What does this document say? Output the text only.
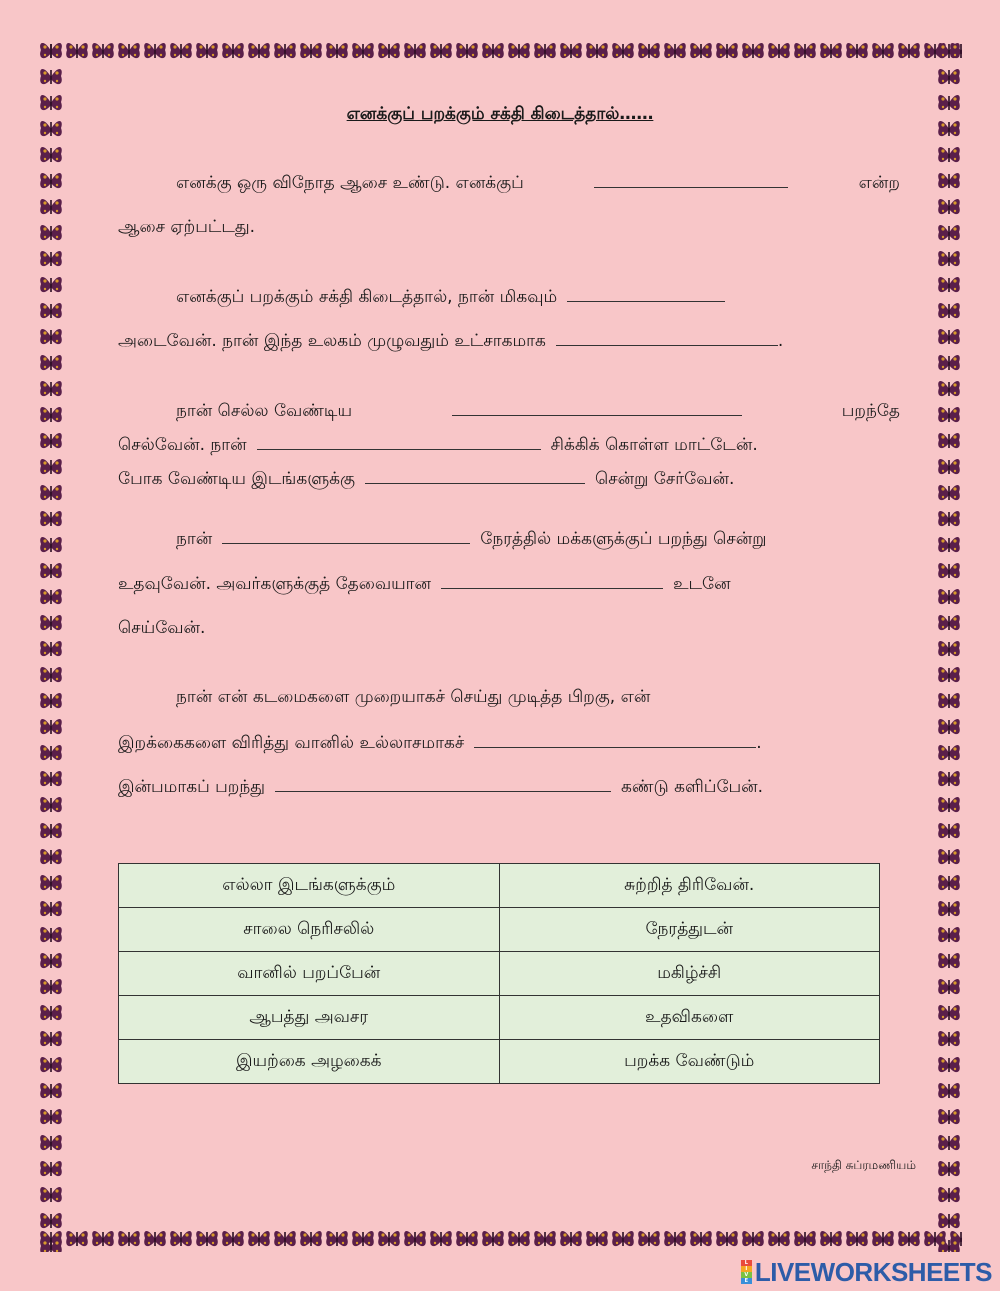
எனக்குப் பறக்கும் சக்தி கிடைத்தால்……
எனக்கு ஒரு விநோத ஆசை உண்டு. எனக்குப்	என்ற
ஆசை ஏற்பட்டது.
எனக்குப் பறக்கும் சக்தி கிடைத்தால், நான் மிகவும்
அடைவேன். நான் இந்த உலகம் முழுவதும் உட்சாகமாக	.
நான் செல்ல வேண்டிய	பறந்தே
செல்வேன். நான்	சிக்கிக் கொள்ள மாட்டேன்.
போக வேண்டிய இடங்களுக்கு	சென்று சேர்வேன்.
நான்	நேரத்தில் மக்களுக்குப் பறந்து சென்று
உதவுவேன். அவர்களுக்குத் தேவையான	உடனே
செய்வேன்.
நான் என் கடமைகளை முறையாகச் செய்து முடித்த பிறகு, என்
இறக்கைகளை விரித்து வானில் உல்லாசமாகச்	.
இன்பமாகப் பறந்து	கண்டு களிப்பேன்.
எல்லா இடங்களுக்கும்	சுற்றித் திரிவேன்.
சாலை நெரிசலில்	நேரத்துடன்
வானில் பறப்பேன்	மகிழ்ச்சி
ஆபத்து அவசர	உதவிகளை
இயற்கை அழகைக்	பறக்க வேண்டும்
சாந்தி சுப்ரமணியம்
L
I
V
E LIVEWORKSHEETS
